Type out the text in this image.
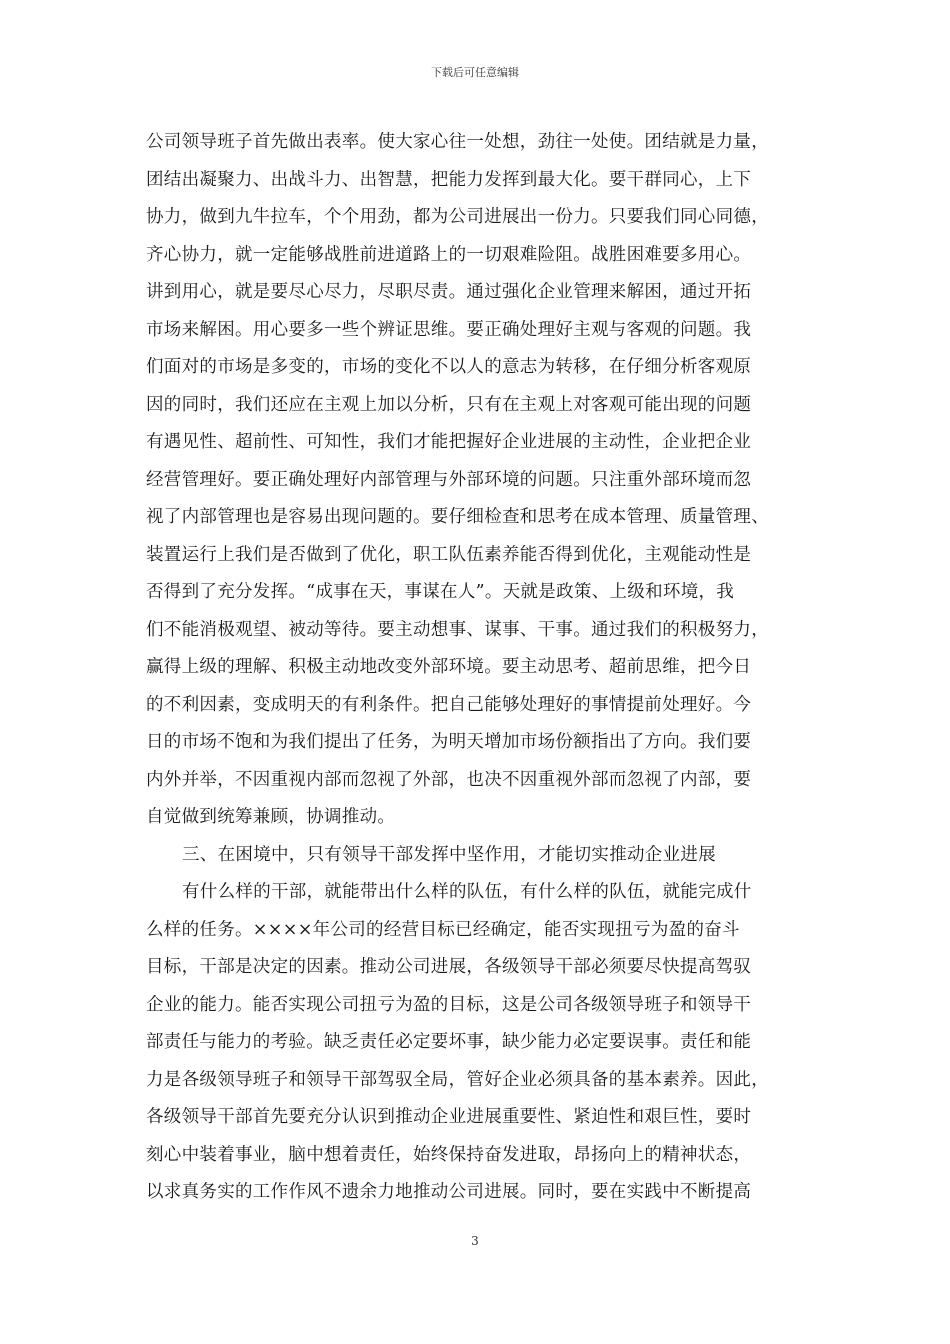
下载后可任意编辑
公司领导班子首先做出表率。使大家心往一处想，劲往一处使。团结就是力量，
团结出凝聚力、出战斗力、出智慧，把能力发挥到最大化。要干群同心，上下
协力，做到九牛拉车，个个用劲，都为公司进展出一份力。只要我们同心同德，
齐心协力，就一定能够战胜前进道路上的一切艰难险阻。战胜困难要多用心。
讲到用心，就是要尽心尽力，尽职尽责。通过强化企业管理来解困，通过开拓
市场来解困。用心要多一些个辨证思维。要正确处理好主观与客观的问题。我
们面对的市场是多变的，市场的变化不以人的意志为转移，在仔细分析客观原
因的同时，我们还应在主观上加以分析，只有在主观上对客观可能出现的问题
有遇见性、超前性、可知性，我们才能把握好企业进展的主动性，企业把企业
经营管理好。要正确处理好内部管理与外部环境的问题。只注重外部环境而忽
视了内部管理也是容易出现问题的。要仔细检查和思考在成本管理、质量管理、
装置运行上我们是否做到了优化，职工队伍素养能否得到优化，主观能动性是
否得到了充分发挥。“成事在天，事谋在人”。天就是政策、上级和环境，我
们不能消极观望、被动等待。要主动想事、谋事、干事。通过我们的积极努力，
赢得上级的理解、积极主动地改变外部环境。要主动思考、超前思维，把今日
的不利因素，变成明天的有利条件。把自己能够处理好的事情提前处理好。今
日的市场不饱和为我们提出了任务，为明天增加市场份额指出了方向。我们要
内外并举，不因重视内部而忽视了外部，也决不因重视外部而忽视了内部，要
自觉做到统筹兼顾，协调推动。
三、在困境中，只有领导干部发挥中坚作用，才能切实推动企业进展
有什么样的干部，就能带出什么样的队伍，有什么样的队伍，就能完成什
么样的任务。××××年公司的经营目标已经确定，能否实现扭亏为盈的奋斗
目标，干部是决定的因素。推动公司进展，各级领导干部必须要尽快提高驾驭
企业的能力。能否实现公司扭亏为盈的目标，这是公司各级领导班子和领导干
部责任与能力的考验。缺乏责任必定要坏事，缺少能力必定要误事。责任和能
力是各级领导班子和领导干部驾驭全局，管好企业必须具备的基本素养。因此，
各级领导干部首先要充分认识到推动企业进展重要性、紧迫性和艰巨性，要时
刻心中装着事业，脑中想着责任，始终保持奋发进取，昂扬向上的精神状态，
以求真务实的工作作风不遗余力地推动公司进展。同时，要在实践中不断提高
3
